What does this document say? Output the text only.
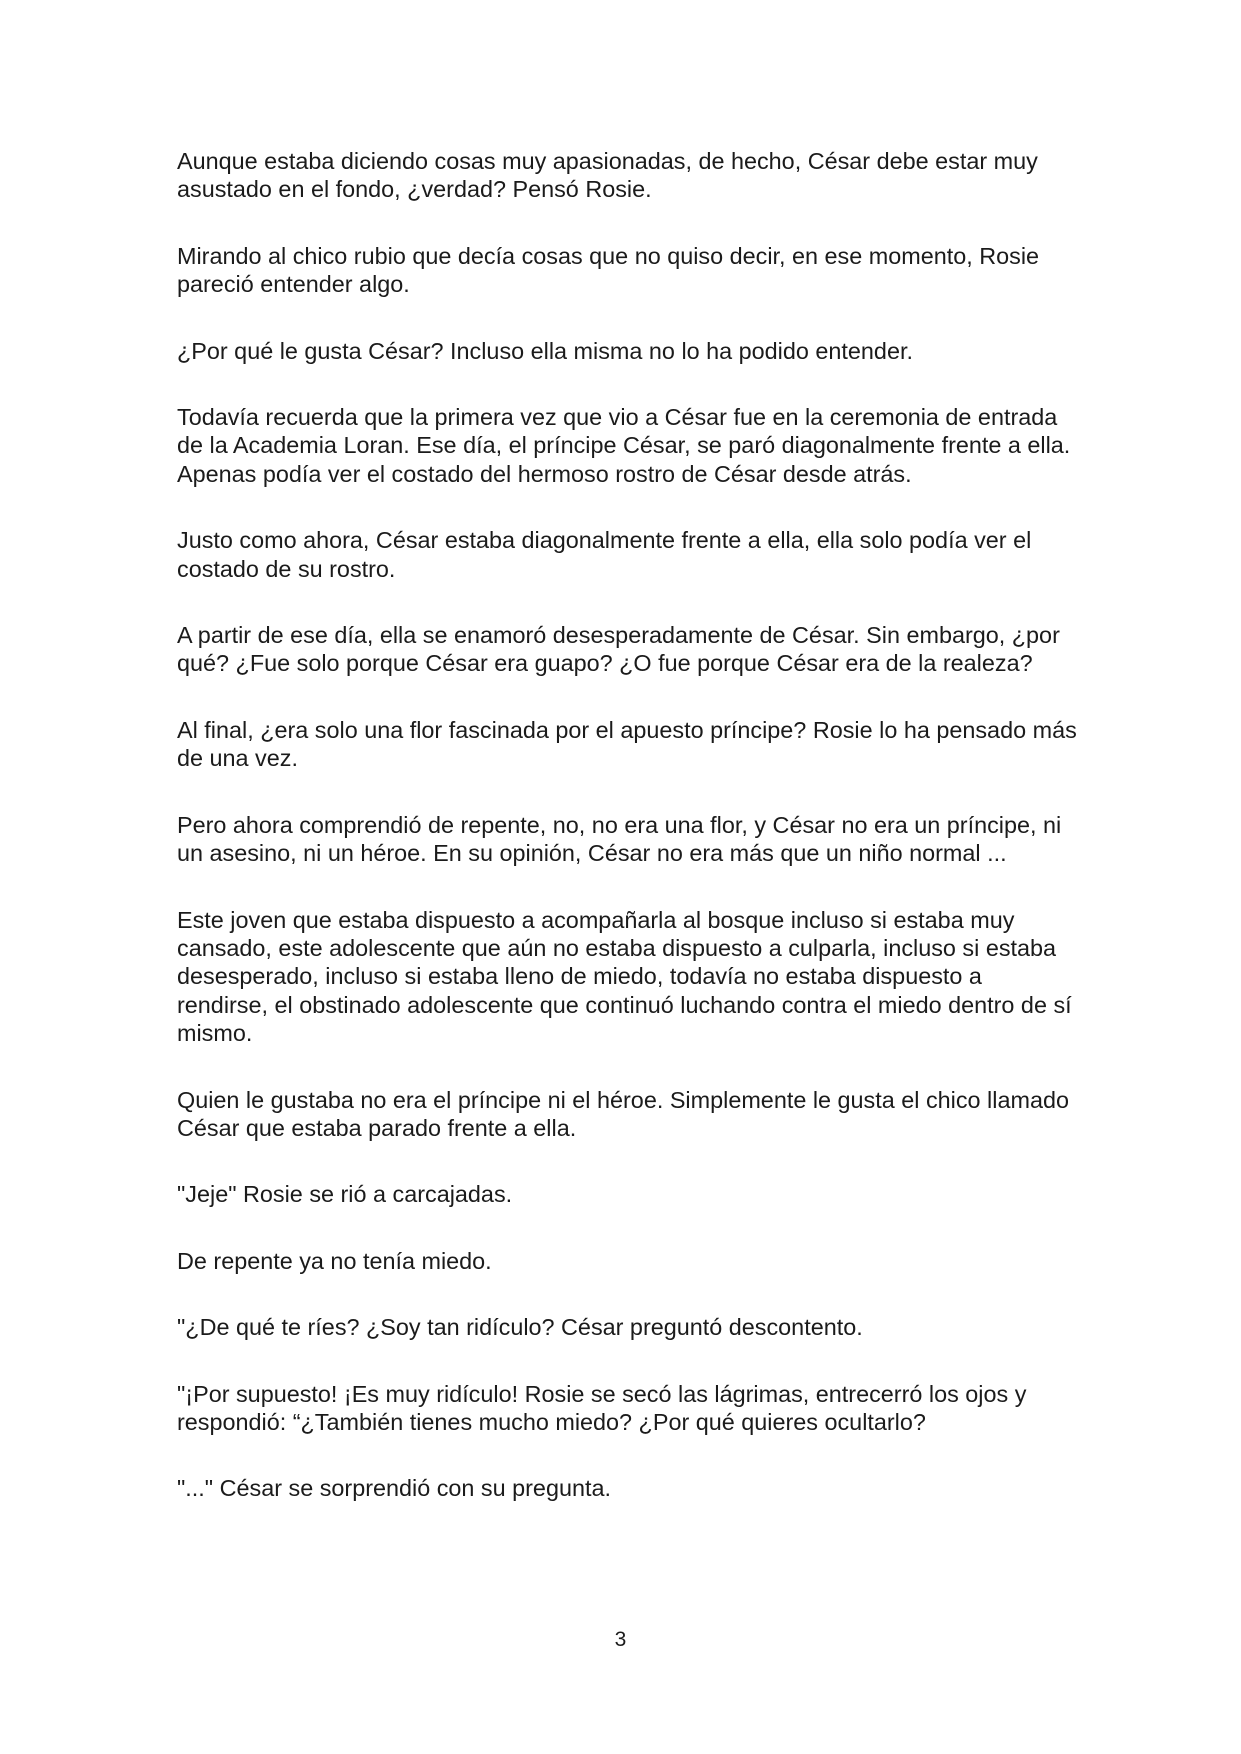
Aunque estaba diciendo cosas muy apasionadas, de hecho, César debe estar muy asustado en el fondo, ¿verdad? Pensó Rosie.

Mirando al chico rubio que decía cosas que no quiso decir, en ese momento, Rosie pareció entender algo.

¿Por qué le gusta César? Incluso ella misma no lo ha podido entender.

Todavía recuerda que la primera vez que vio a César fue en la ceremonia de entrada de la Academia Loran. Ese día, el príncipe César, se paró diagonalmente frente a ella. Apenas podía ver el costado del hermoso rostro de César desde atrás.

Justo como ahora, César estaba diagonalmente frente a ella, ella solo podía ver el costado de su rostro.

A partir de ese día, ella se enamoró desesperadamente de César. Sin embargo, ¿por qué? ¿Fue solo porque César era guapo? ¿O fue porque César era de la realeza?

Al final, ¿era solo una flor fascinada por el apuesto príncipe? Rosie lo ha pensado más de una vez.

Pero ahora comprendió de repente, no, no era una flor, y César no era un príncipe, ni un asesino, ni un héroe. En su opinión, César no era más que un niño normal ...

Este joven que estaba dispuesto a acompañarla al bosque incluso si estaba muy cansado, este adolescente que aún no estaba dispuesto a culparla, incluso si estaba desesperado, incluso si estaba lleno de miedo, todavía no estaba dispuesto a rendirse, el obstinado adolescente que continuó luchando contra el miedo dentro de sí mismo.

Quien le gustaba no era el príncipe ni el héroe. Simplemente le gusta el chico llamado César que estaba parado frente a ella.

"Jeje" Rosie se rió a carcajadas.

De repente ya no tenía miedo.

"¿De qué te ríes? ¿Soy tan ridículo? César preguntó descontento.

"¡Por supuesto! ¡Es muy ridículo! Rosie se secó las lágrimas, entrecerró los ojos y respondió: “¿También tienes mucho miedo? ¿Por qué quieres ocultarlo?

"..." César se sorprendió con su pregunta.

3
